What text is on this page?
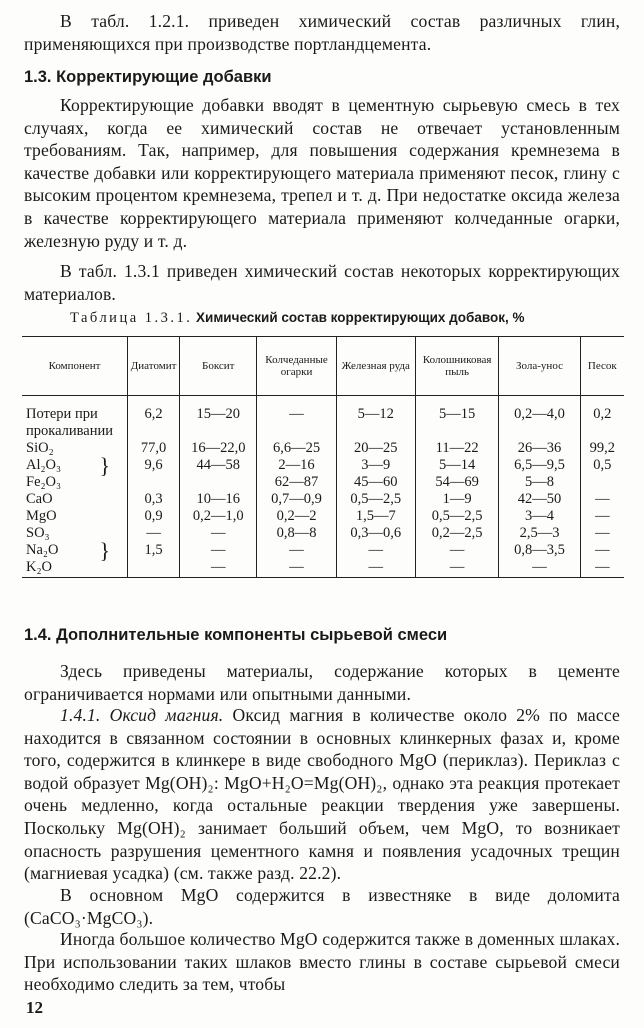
В табл. 1.2.1. приведен химический состав различных глин, применяющихся при производстве портландцемента.
1.3. Корректирующие добавки
Корректирующие добавки вводят в цементную сырьевую смесь в тех случаях, когда ее химический состав не отвечает установленным требованиям. Так, например, для повышения содержания кремнезема в качестве добавки или корректирующего материала применяют песок, глину с высоким процентом кремнезема, трепел и т. д. При недостатке оксида железа в качестве корректирующего материала применяют колчеданные огарки, железную руду и т. д.
В табл. 1.3.1 приведен химический состав некоторых корректирующих материалов.
Таблица 1.3.1. Химический состав корректирующих добавок, %
Компонент	Диатомит	Боксит	Колчеданные огарки	Железная руда	Колошниковая пыль	Зола-унос	Песок

Потери при прокаливании	6,2	15—20	—	5—12	5—15	0,2—4,0	0,2
SiO₂	77,0	16—22,0	6,6—25	20—25	11—22	26—36	99,2
Al₂O₃ }	9,6	44—58	2—16	3—9	5—14	6,5—9,5	0,5
Fe₂O₃			62—87	45—60	54—69	5—8	
CaO	0,3	10—16	0,7—0,9	0,5—2,5	1—9	42—50	—
MgO	0,9	0,2—1,0	0,2—2	1,5—7	0,5—2,5	3—4	—
SO₃	—	—	0,8—8	0,3—0,6	0,2—2,5	2,5—3	—
Na₂O }	1,5	—	—	—	—	0,8—3,5	—
K₂O		—	—	—	—	—	—
1.4. Дополнительные компоненты сырьевой смеси
Здесь приведены материалы, содержание которых в цементе ограничивается нормами или опытными данными.
1.4.1. Оксид магния. Оксид магния в количестве около 2% по массе находится в связанном состоянии в основных клинкерных фазах и, кроме того, содержится в клинкере в виде свободного MgO (периклаз). Периклаз с водой образует Mg(OH)₂: MgO+H₂O=Mg(OH)₂, однако эта реакция протекает очень медленно, когда остальные реакции твердения уже завершены. Поскольку Mg(OH)₂ занимает больший объем, чем MgO, то возникает опасность разрушения цементного камня и появления усадочных трещин (магниевая усадка) (см. также разд. 22.2).
В основном MgO содержится в известняке в виде доломита (CaCO₃·MgCO₃).
Иногда большое количество MgO содержится также в доменных шлаках. При использовании таких шлаков вместо глины в составе сырьевой смеси необходимо следить за тем, чтобы
12
